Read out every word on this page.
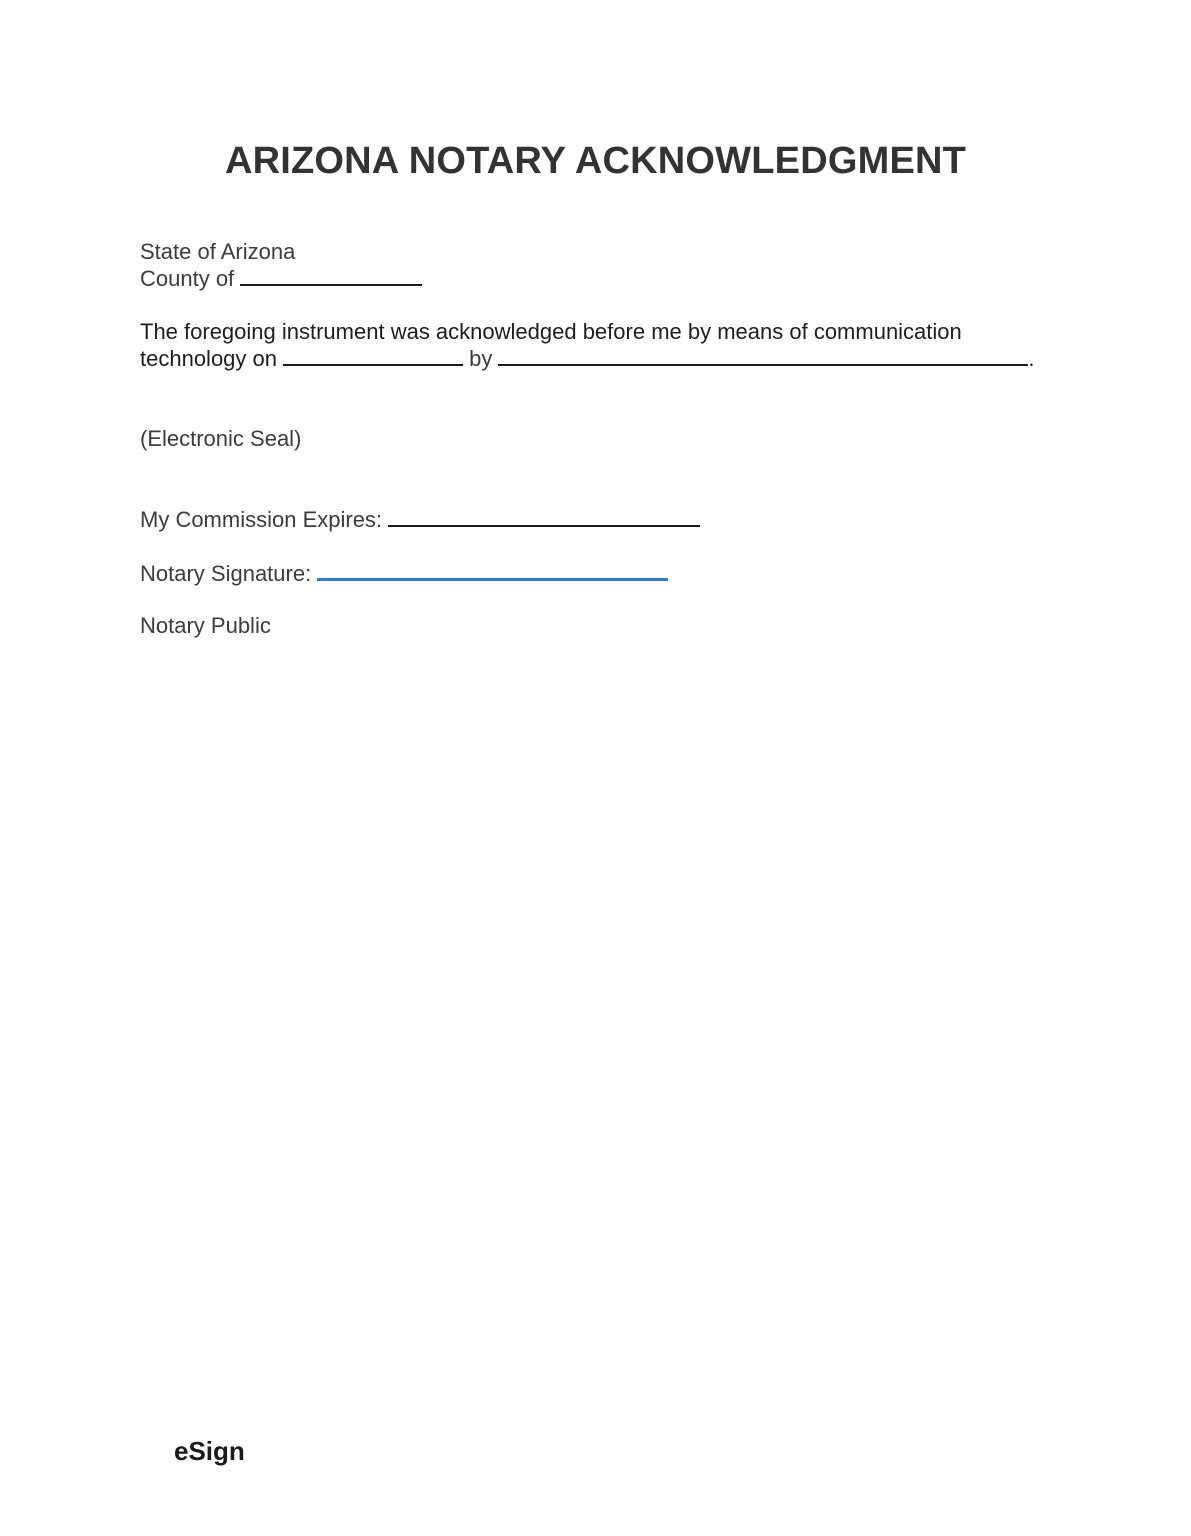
ARIZONA NOTARY ACKNOWLEDGMENT
State of Arizona
County of
The foregoing instrument was acknowledged before me by means of communication
technology on	by	.
(Electronic Seal)
My Commission Expires:
Notary Signature:
Notary Public
eSign
